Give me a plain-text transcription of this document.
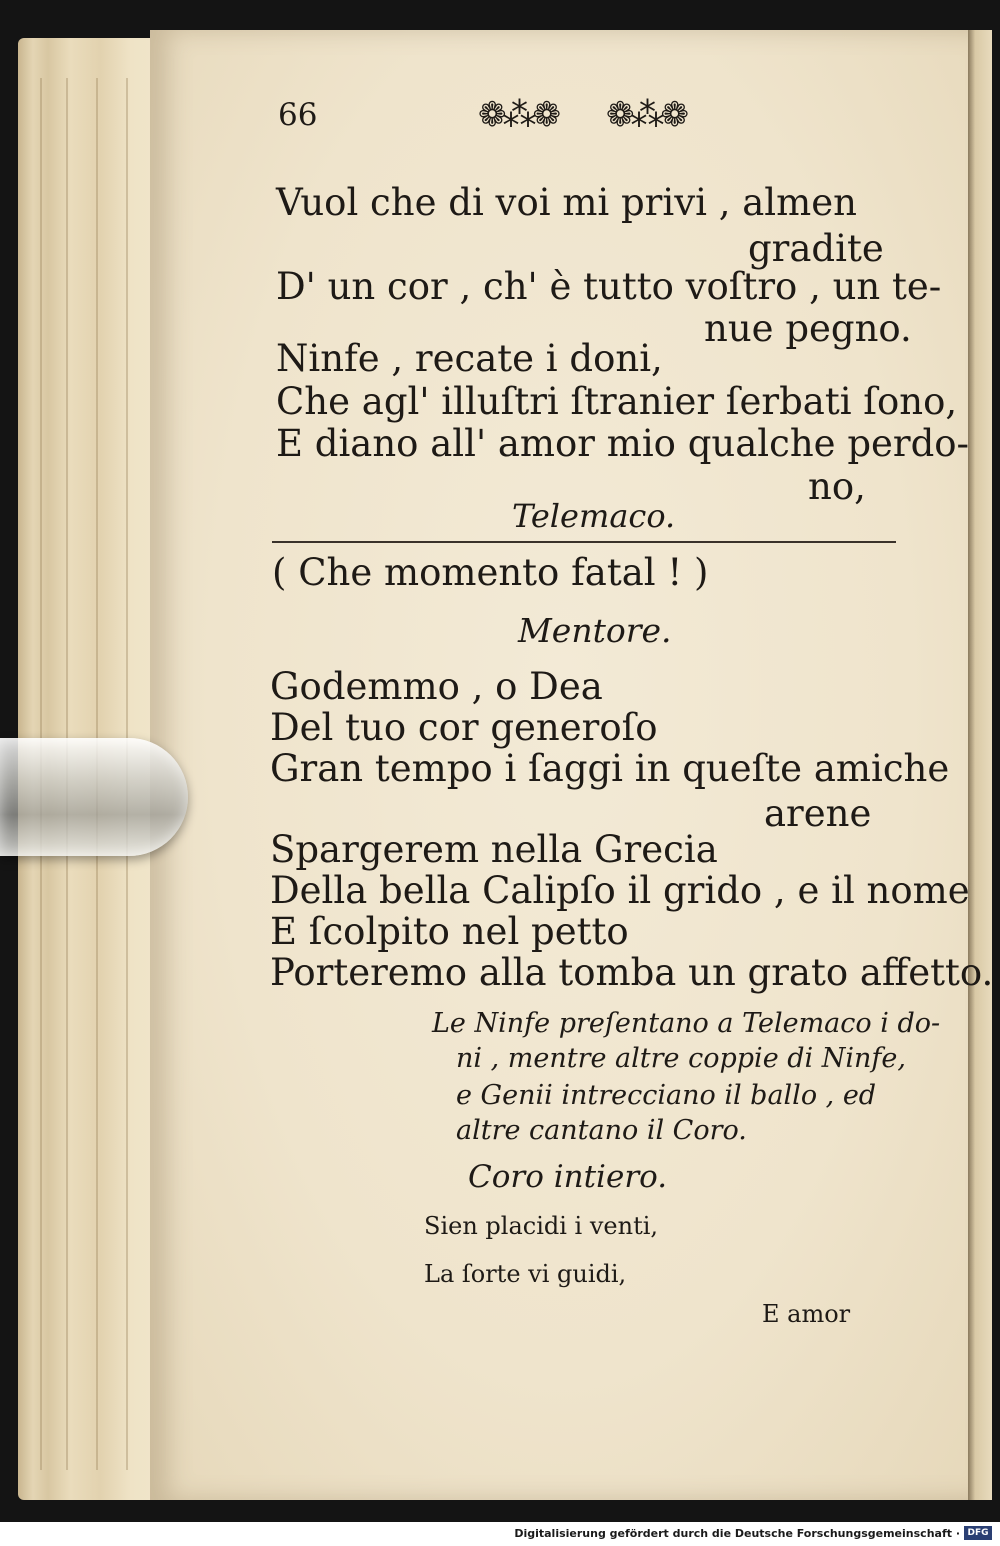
66	❁⁂❁ ❁⁂❁
Vuol che di voi mi privi , almen
gradite
D' un cor , ch' è tutto voſtro , un te-
nue pegno.
Ninfe , recate i doni,
Che agl' illuſtri ſtranier ſerbati ſono,
E diano all' amor mio qualche perdo-
no,
Telemaco.
( Che momento fatal ! )
Mentore.
Godemmo , o Dea
Del tuo cor generoſo
Gran tempo i ſaggi in queſte amiche
arene
Spargerem nella Grecia
Della bella Calipſo il grido , e il nome
E ſcolpito nel petto
Porteremo alla tomba un grato affetto.
Le Ninfe preſentano a Telemaco i do-
ni , mentre altre coppie di Ninfe,
e Genii intrecciano il ballo , ed
altre cantano il Coro.
Coro intiero.
Sien placidi i venti,
La ſorte vi guidi,
E amor
Digitalisierung gefördert durch die Deutsche Forschungsgemeinschaft · DFG
